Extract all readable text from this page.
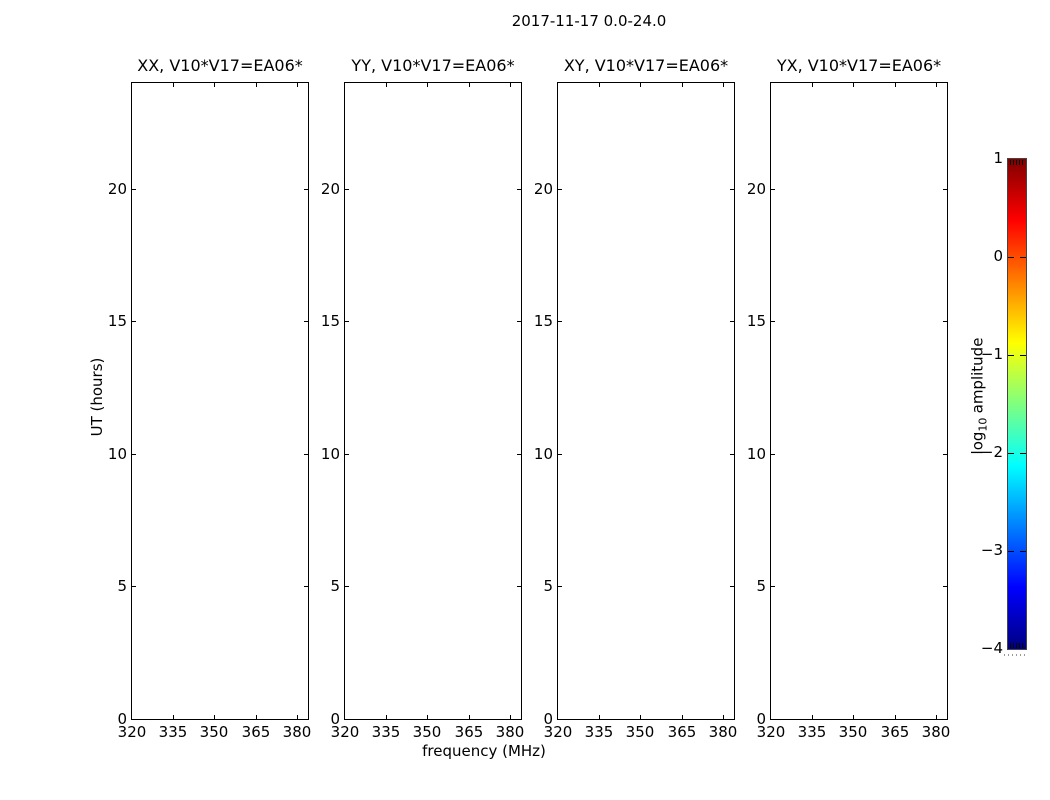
2017-11-17 0.0-24.0
XX, V10*V17=EA06*
20
15
10
5
0
320 335 350 365 380
YY, V10*V17=EA06*
20
15
10
5
0
320 335 350 365 380
XY, V10*V17=EA06*
20
15
10
5
0
320 335 350 365 380
YX, V10*V17=EA06*
20
15
10
5
0
320 335 350 365 380
UT (hours)
frequency (MHz)
1
0
−1
−2
−3
−4
$\log_{10}amplitude$
